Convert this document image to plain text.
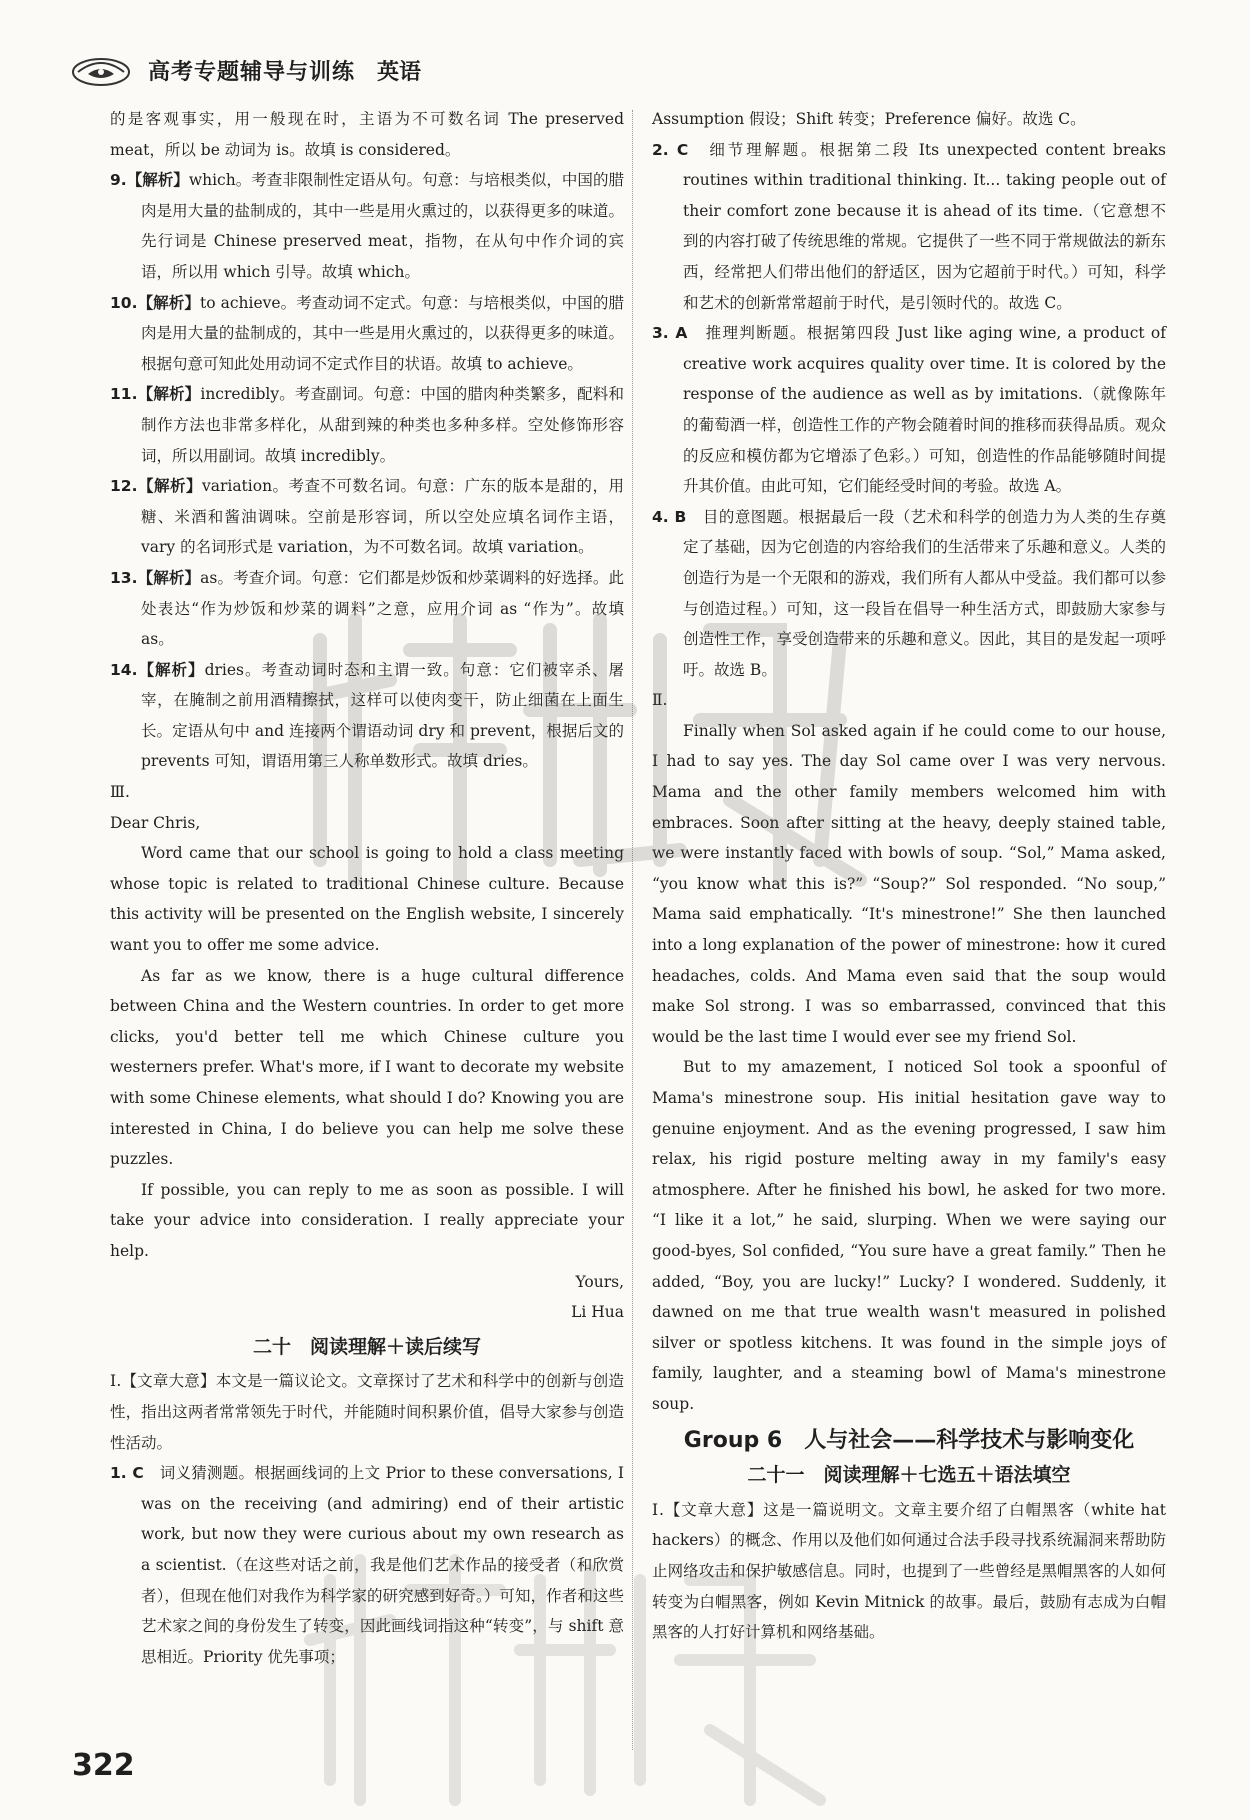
高考专题辅导与训练 英语

的是客观事实，用一般现在时，主语为不可数名词 The preserved meat，所以 be 动词为 is。故填 is considered。

9.【解析】which。考查非限制性定语从句。句意：与培根类似，中国的腊肉是用大量的盐制成的，其中一些是用火熏过的，以获得更多的味道。先行词是 Chinese preserved meat，指物，在从句中作介词的宾语，所以用 which 引导。故填 which。

10.【解析】to achieve。考查动词不定式。句意：与培根类似，中国的腊肉是用大量的盐制成的，其中一些是用火熏过的，以获得更多的味道。根据句意可知此处用动词不定式作目的状语。故填 to achieve。

11.【解析】incredibly。考查副词。句意：中国的腊肉种类繁多，配料和制作方法也非常多样化，从甜到辣的种类也多种多样。空处修饰形容词，所以用副词。故填 incredibly。

12.【解析】variation。考查不可数名词。句意：广东的版本是甜的，用糖、米酒和酱油调味。空前是形容词，所以空处应填名词作主语，vary 的名词形式是 variation，为不可数名词。故填 variation。

13.【解析】as。考查介词。句意：它们都是炒饭和炒菜调料的好选择。此处表达“作为炒饭和炒菜的调料”之意，应用介词 as “作为”。故填 as。

14.【解析】dries。考查动词时态和主谓一致。句意：它们被宰杀、屠宰，在腌制之前用酒精擦拭，这样可以使肉变干，防止细菌在上面生长。定语从句中 and 连接两个谓语动词 dry 和 prevent，根据后文的 prevents 可知，谓语用第三人称单数形式。故填 dries。

Ⅲ.

Dear Chris,

Word came that our school is going to hold a class meeting whose topic is related to traditional Chinese culture. Because this activity will be presented on the English website, I sincerely want you to offer me some advice.

As far as we know, there is a huge cultural difference between China and the Western countries. In order to get more clicks, you'd better tell me which Chinese culture you westerners prefer. What's more, if I want to decorate my website with some Chinese elements, what should I do? Knowing you are interested in China, I do believe you can help me solve these puzzles.

If possible, you can reply to me as soon as possible. I will take your advice into consideration. I really appreciate your help.

Yours,

Li Hua

二十　阅读理解＋读后续写

Ⅰ.【文章大意】本文是一篇议论文。文章探讨了艺术和科学中的创新与创造性，指出这两者常常领先于时代，并能随时间积累价值，倡导大家参与创造性活动。

1. C　词义猜测题。根据画线词的上文 Prior to these conversations, I was on the receiving (and admiring) end of their artistic work, but now they were curious about my own research as a scientist.（在这些对话之前，我是他们艺术作品的接受者（和欣赏者），但现在他们对我作为科学家的研究感到好奇。）可知，作者和这些艺术家之间的身份发生了转变，因此画线词指这种“转变”，与 shift 意思相近。Priority 优先事项；

Assumption 假设；Shift 转变；Preference 偏好。故选 C。

2. C　细节理解题。根据第二段 Its unexpected content breaks routines within traditional thinking. It... taking people out of their comfort zone because it is ahead of its time.（它意想不到的内容打破了传统思维的常规。它提供了一些不同于常规做法的新东西，经常把人们带出他们的舒适区，因为它超前于时代。）可知，科学和艺术的创新常常超前于时代，是引领时代的。故选 C。

3. A　推理判断题。根据第四段 Just like aging wine, a product of creative work acquires quality over time. It is colored by the response of the audience as well as by imitations.（就像陈年的葡萄酒一样，创造性工作的产物会随着时间的推移而获得品质。观众的反应和模仿都为它增添了色彩。）可知，创造性的作品能够随时间提升其价值。由此可知，它们能经受时间的考验。故选 A。

4. B　目的意图题。根据最后一段（艺术和科学的创造力为人类的生存奠定了基础，因为它创造的内容给我们的生活带来了乐趣和意义。人类的创造行为是一个无限和的游戏，我们所有人都从中受益。我们都可以参与创造过程。）可知，这一段旨在倡导一种生活方式，即鼓励大家参与创造性工作，享受创造带来的乐趣和意义。因此，其目的是发起一项呼吁。故选 B。

Ⅱ.

Finally when Sol asked again if he could come to our house, I had to say yes. The day Sol came over I was very nervous. Mama and the other family members welcomed him with embraces. Soon after sitting at the heavy, deeply stained table, we were instantly faced with bowls of soup. “Sol,” Mama asked, “you know what this is?” “Soup?” Sol responded. “No soup,” Mama said emphatically. “It's minestrone!” She then launched into a long explanation of the power of minestrone: how it cured headaches, colds. And Mama even said that the soup would make Sol strong. I was so embarrassed, convinced that this would be the last time I would ever see my friend Sol.

But to my amazement, I noticed Sol took a spoonful of Mama's minestrone soup. His initial hesitation gave way to genuine enjoyment. And as the evening progressed, I saw him relax, his rigid posture melting away in my family's easy atmosphere. After he finished his bowl, he asked for two more. “I like it a lot,” he said, slurping. When we were saying our good-byes, Sol confided, “You sure have a great family.” Then he added, “Boy, you are lucky!” Lucky? I wondered. Suddenly, it dawned on me that true wealth wasn't measured in polished silver or spotless kitchens. It was found in the simple joys of family, laughter, and a steaming bowl of Mama's minestrone soup.

Group 6　人与社会——科学技术与影响变化

二十一　阅读理解＋七选五＋语法填空

Ⅰ.【文章大意】这是一篇说明文。文章主要介绍了白帽黑客（white hat hackers）的概念、作用以及他们如何通过合法手段寻找系统漏洞来帮助防止网络攻击和保护敏感信息。同时，也提到了一些曾经是黑帽黑客的人如何转变为白帽黑客，例如 Kevin Mitnick 的故事。最后，鼓励有志成为白帽黑客的人打好计算机和网络基础。

322
